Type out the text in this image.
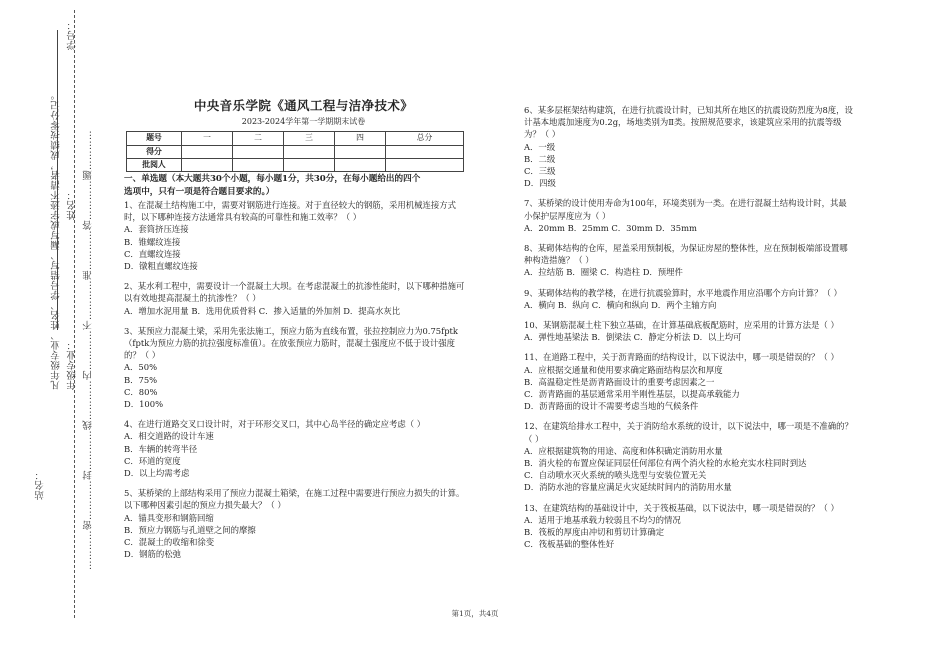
学号：
…………密…………封…………线…………内…………不…………准…………答…………题…………
凡年级专业、姓名、学号错写、漏写或字迹不清者，成绩按零分记。 姓名：
年级专业：
站名：
中央音乐学院《通风工程与洁净技术》
2023-2024学年第一学期期末试卷
题号	一	二	三	四	总分
得分					
批阅人					
一、单选题（本大题共30个小题，每小题1分，共30分，在每小题给出的四个
选项中，只有一项是符合题目要求的。）
1、在混凝土结构施工中，需要对钢筋进行连接。对于直径较大的钢筋，采用机械连接方式时，以下哪种连接方法通常具有较高的可靠性和施工效率？（ ）
A．套筒挤压连接
B．锥螺纹连接
C．直螺纹连接
D．镦粗直螺纹连接
2、某水利工程中，需要设计一个混凝土大坝。在考虑混凝土的抗渗性能时，以下哪种措施可以有效地提高混凝土的抗渗性？（ ）
A．增加水泥用量 B．选用优质骨料 C．掺入适量的外加剂 D．提高水灰比
3、某预应力混凝土梁，采用先张法施工，预应力筋为直线布置，张拉控制应力为0.75fptk（fptk为预应力筋的抗拉强度标准值）。在放张预应力筋时，混凝土强度应不低于设计强度的？（ ）
A．50%
B．75%
C．80%
D．100%
4、在进行道路交叉口设计时，对于环形交叉口，其中心岛半径的确定应考虑（ ）
A．相交道路的设计车速
B．车辆的转弯半径
C．环道的宽度
D．以上均需考虑
5、某桥梁的上部结构采用了预应力混凝土箱梁，在施工过程中需要进行预应力损失的计算。以下哪种因素引起的预应力损失最大？（ ）
A．锚具变形和钢筋回缩
B．预应力钢筋与孔道壁之间的摩擦
C．混凝土的收缩和徐变
D．钢筋的松弛
6、某多层框架结构建筑，在进行抗震设计时，已知其所在地区的抗震设防烈度为8度，设计基本地震加速度为0.2g，场地类别为Ⅱ类。按照规范要求，该建筑应采用的抗震等级为？（ ）
A．一级
B．二级
C．三级
D．四级
7、某桥梁的设计使用寿命为100年，环境类别为一类。在进行混凝土结构设计时，其最小保护层厚度应为（ ）
A．20mm B．25mm C．30mm D．35mm
8、某砌体结构的仓库，屋盖采用预制板，为保证房屋的整体性，应在预制板端部设置哪种构造措施？（ ）
A．拉结筋 B．圈梁 C．构造柱 D．预埋件
9、某砌体结构的教学楼，在进行抗震验算时，水平地震作用应沿哪个方向计算？（ ）
A．横向 B．纵向 C．横向和纵向 D．两个主轴方向
10、某钢筋混凝土柱下独立基础，在计算基础底板配筋时，应采用的计算方法是（ ）
A．弹性地基梁法 B．倒梁法 C．静定分析法 D．以上均可
11、在道路工程中，关于沥青路面的结构设计，以下说法中，哪一项是错误的？（ ）
A．应根据交通量和使用要求确定路面结构层次和厚度
B．高温稳定性是沥青路面设计的重要考虑因素之一
C．沥青路面的基层通常采用半刚性基层，以提高承载能力
D．沥青路面的设计不需要考虑当地的气候条件
12、在建筑给排水工程中，关于消防给水系统的设计，以下说法中，哪一项是不准确的？（ ）
A．应根据建筑物的用途、高度和体积确定消防用水量
B．消火栓的布置应保证同层任何部位有两个消火栓的水枪充实水柱同时到达
C．自动喷水灭火系统的喷头选型与安装位置无关
D．消防水池的容量应满足火灾延续时间内的消防用水量
13、在建筑结构的基础设计中，关于筏板基础，以下说法中，哪一项是错误的？（ ）
A．适用于地基承载力较弱且不均匀的情况
B．筏板的厚度由冲切和剪切计算确定
C．筏板基础的整体性好
第1页，共4页
